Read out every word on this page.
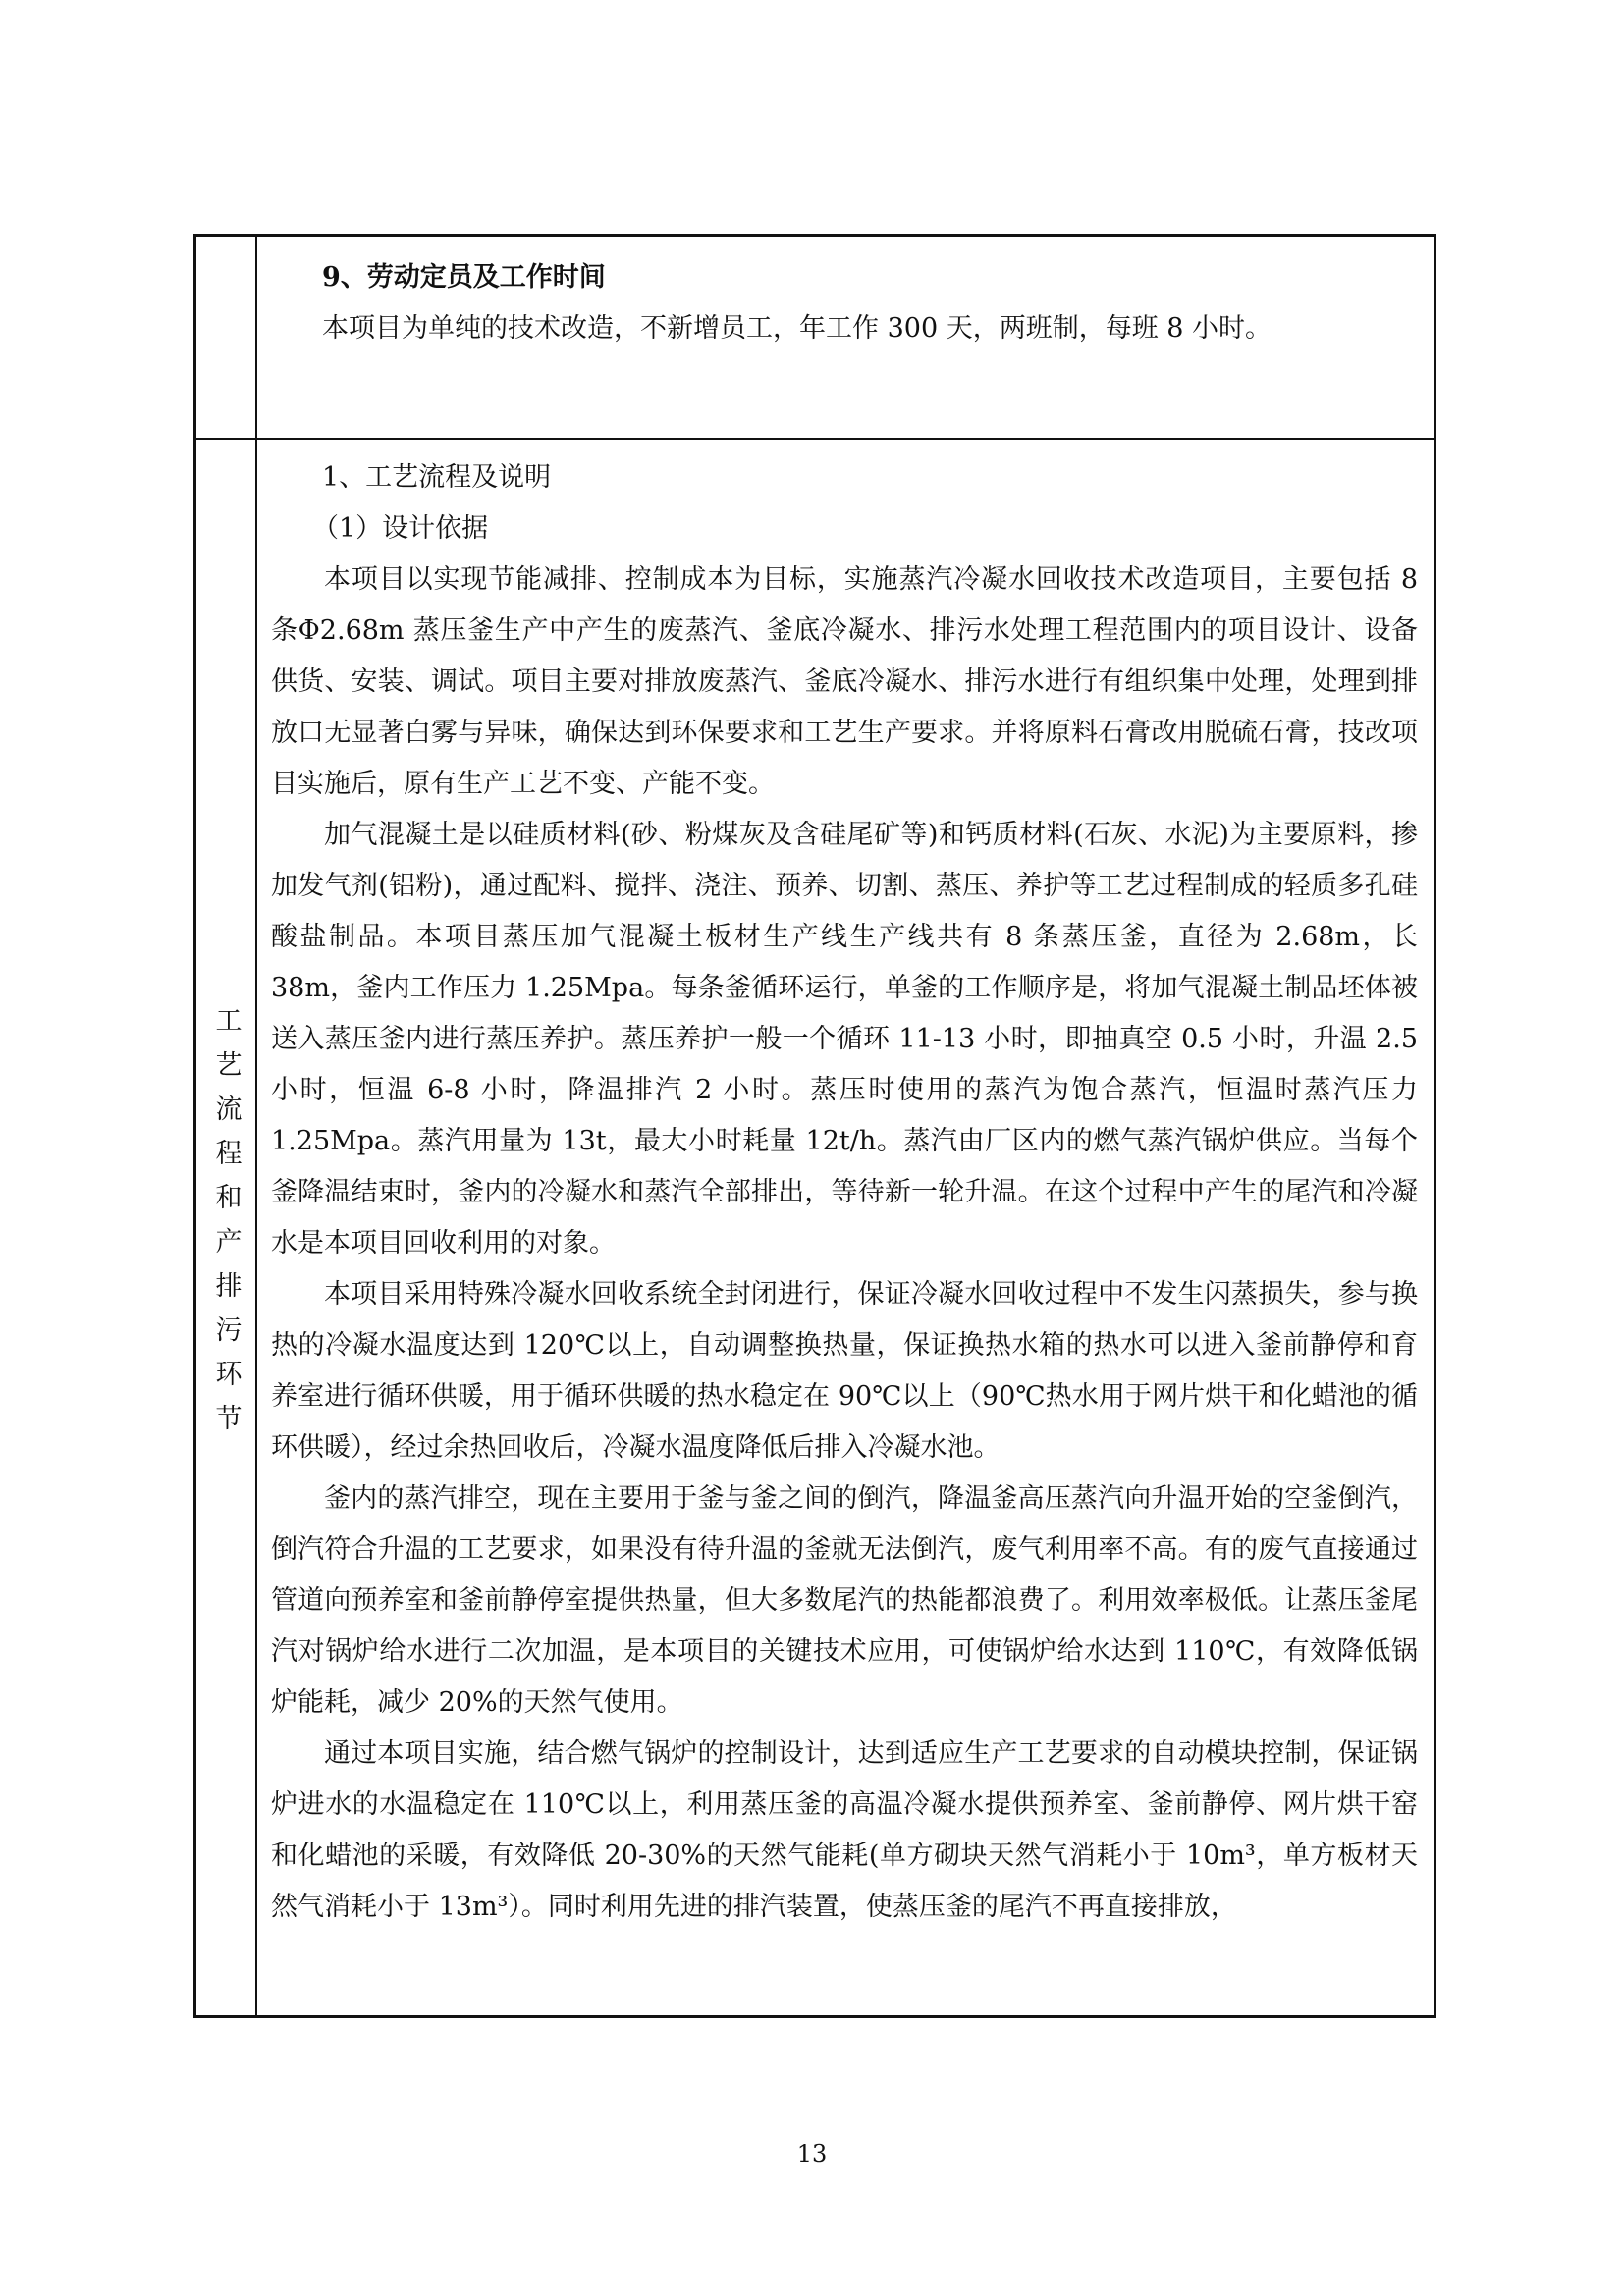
9、劳动定员及工作时间

本项目为单纯的技术改造，不新增员工，年工作 300 天，两班制，每班 8 小时。

工艺流程和产排污环节

1、工艺流程及说明

（1）设计依据

本项目以实现节能减排、控制成本为目标，实施蒸汽冷凝水回收技术改造项目，主要包括 8 条Φ2.68m 蒸压釜生产中产生的废蒸汽、釜底冷凝水、排污水处理工程范围内的项目设计、设备供货、安装、调试。项目主要对排放废蒸汽、釜底冷凝水、排污水进行有组织集中处理，处理到排放口无显著白雾与异味，确保达到环保要求和工艺生产要求。并将原料石膏改用脱硫石膏，技改项目实施后，原有生产工艺不变、产能不变。

加气混凝土是以硅质材料(砂、粉煤灰及含硅尾矿等)和钙质材料(石灰、水泥)为主要原料，掺加发气剂(铝粉)，通过配料、搅拌、浇注、预养、切割、蒸压、养护等工艺过程制成的轻质多孔硅酸盐制品。本项目蒸压加气混凝土板材生产线生产线共有 8 条蒸压釜，直径为 2.68m，长 38m，釜内工作压力 1.25Mpa。每条釜循环运行，单釜的工作顺序是，将加气混凝土制品坯体被送入蒸压釜内进行蒸压养护。蒸压养护一般一个循环 11-13 小时，即抽真空 0.5 小时，升温 2.5 小时，恒温 6-8 小时，降温排汽 2 小时。蒸压时使用的蒸汽为饱合蒸汽，恒温时蒸汽压力 1.25Mpa。蒸汽用量为 13t，最大小时耗量 12t/h。蒸汽由厂区内的燃气蒸汽锅炉供应。当每个釜降温结束时，釜内的冷凝水和蒸汽全部排出，等待新一轮升温。在这个过程中产生的尾汽和冷凝水是本项目回收利用的对象。

本项目采用特殊冷凝水回收系统全封闭进行，保证冷凝水回收过程中不发生闪蒸损失，参与换热的冷凝水温度达到 120℃以上，自动调整换热量，保证换热水箱的热水可以进入釜前静停和育养室进行循环供暖，用于循环供暖的热水稳定在 90℃以上（90℃热水用于网片烘干和化蜡池的循环供暖），经过余热回收后，冷凝水温度降低后排入冷凝水池。

釜内的蒸汽排空，现在主要用于釜与釜之间的倒汽，降温釜高压蒸汽向升温开始的空釜倒汽，倒汽符合升温的工艺要求，如果没有待升温的釜就无法倒汽，废气利用率不高。有的废气直接通过管道向预养室和釜前静停室提供热量，但大多数尾汽的热能都浪费了。利用效率极低。让蒸压釜尾汽对锅炉给水进行二次加温，是本项目的关键技术应用，可使锅炉给水达到 110℃，有效降低锅炉能耗，减少 20%的天然气使用。

通过本项目实施，结合燃气锅炉的控制设计，达到适应生产工艺要求的自动模块控制，保证锅炉进水的水温稳定在 110℃以上，利用蒸压釜的高温冷凝水提供预养室、釜前静停、网片烘干窑和化蜡池的采暖，有效降低 20-30%的天然气能耗(单方砌块天然气消耗小于 10m³，单方板材天然气消耗小于 13m³）。同时利用先进的排汽装置，使蒸压釜的尾汽不再直接排放，

13
